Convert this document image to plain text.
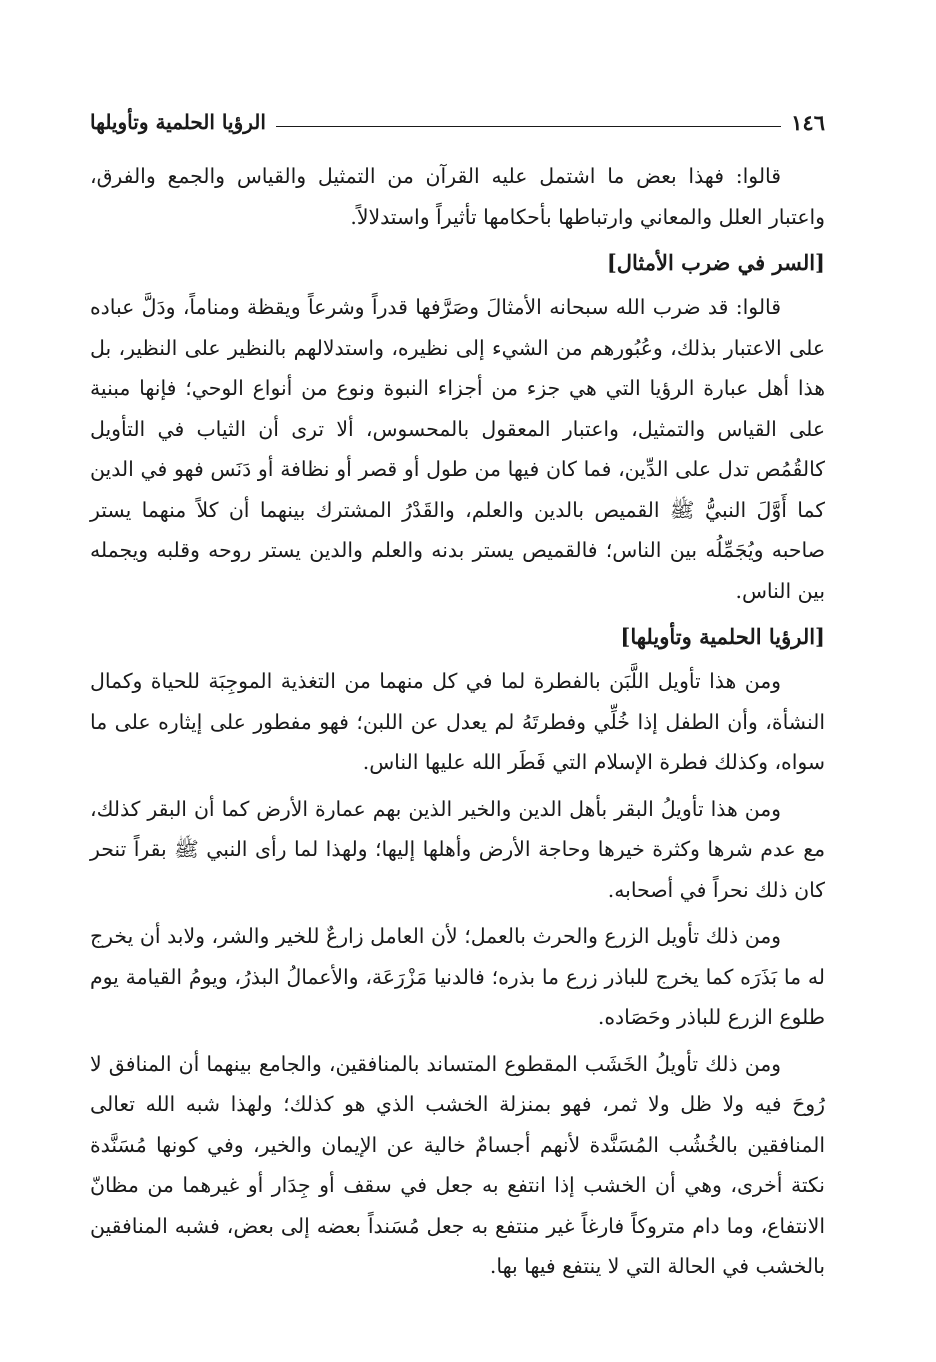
١٤٦
الرؤيا الحلمية وتأويلها

قالوا: فهذا بعض ما اشتمل عليه القرآن من التمثيل والقياس والجمع والفرق، واعتبار العلل والمعاني وارتباطها بأحكامها تأثيراً واستدلالاً.

[السر في ضرب الأمثال]

قالوا: قد ضرب الله سبحانه الأمثالَ وصَرَّفها قدراً وشرعاً ويقظة ومناماً، ودَلَّ عباده على الاعتبار بذلك، وعُبُورهم من الشيء إلى نظيره، واستدلالهم بالنظير على النظير، بل هذا أهل عبارة الرؤيا التي هي جزء من أجزاء النبوة ونوع من أنواع الوحي؛ فإنها مبنية على القياس والتمثيل، واعتبار المعقول بالمحسوس، ألا ترى أن الثياب في التأويل كالقُمُص تدل على الدِّين، فما كان فيها من طول أو قصر أو نظافة أو دَنَس فهو في الدين كما أَوَّلَ النبيُّ ﷺ القميص بالدين والعلم، والقَدْرُ المشترك بينهما أن كلاً منهما يستر صاحبه ويُجَمِّلُه بين الناس؛ فالقميص يستر بدنه والعلم والدين يستر روحه وقلبه ويجمله بين الناس.

[الرؤيا الحلمية وتأويلها]

ومن هذا تأويل اللَّبَن بالفطرة لما في كل منهما من التغذية الموجِبَة للحياة وكمال النشأة، وأن الطفل إذا خُلِّي وفطرتَهُ لم يعدل عن اللبن؛ فهو مفطور على إيثاره على ما سواه، وكذلك فطرة الإسلام التي فَطَر الله عليها الناس.

ومن هذا تأويلُ البقر بأهل الدين والخير الذين بهم عمارة الأرض كما أن البقر كذلك، مع عدم شرها وكثرة خيرها وحاجة الأرض وأهلها إليها؛ ولهذا لما رأى النبي ﷺ بقراً تنحر كان ذلك نحراً في أصحابه.

ومن ذلك تأويل الزرع والحرث بالعمل؛ لأن العامل زارعٌ للخير والشر، ولابد أن يخرج له ما بَذَرَه كما يخرج للباذر زرع ما بذره؛ فالدنيا مَزْرَعَة، والأعمالُ البذرُ، ويومُ القيامة يوم طلوع الزرع للباذر وحَصَاده.

ومن ذلك تأويلُ الخَشَب المقطوع المتساند بالمنافقين، والجامع بينهما أن المنافق لا رُوحَ فيه ولا ظل ولا ثمر، فهو بمنزلة الخشب الذي هو كذلك؛ ولهذا شبه الله تعالى المنافقين بالخُشُب المُسَنَّدة لأنهم أجسامٌ خالية عن الإيمان والخير، وفي كونها مُسَنَّدة نكتة أخرى، وهي أن الخشب إذا انتفع به جعل في سقف أو جِدَار أو غيرهما من مظانّ الانتفاع، وما دام متروكاً فارغاً غير منتفع به جعل مُسَنداً بعضه إلى بعض، فشبه المنافقين بالخشب في الحالة التي لا ينتفع فيها بها.
